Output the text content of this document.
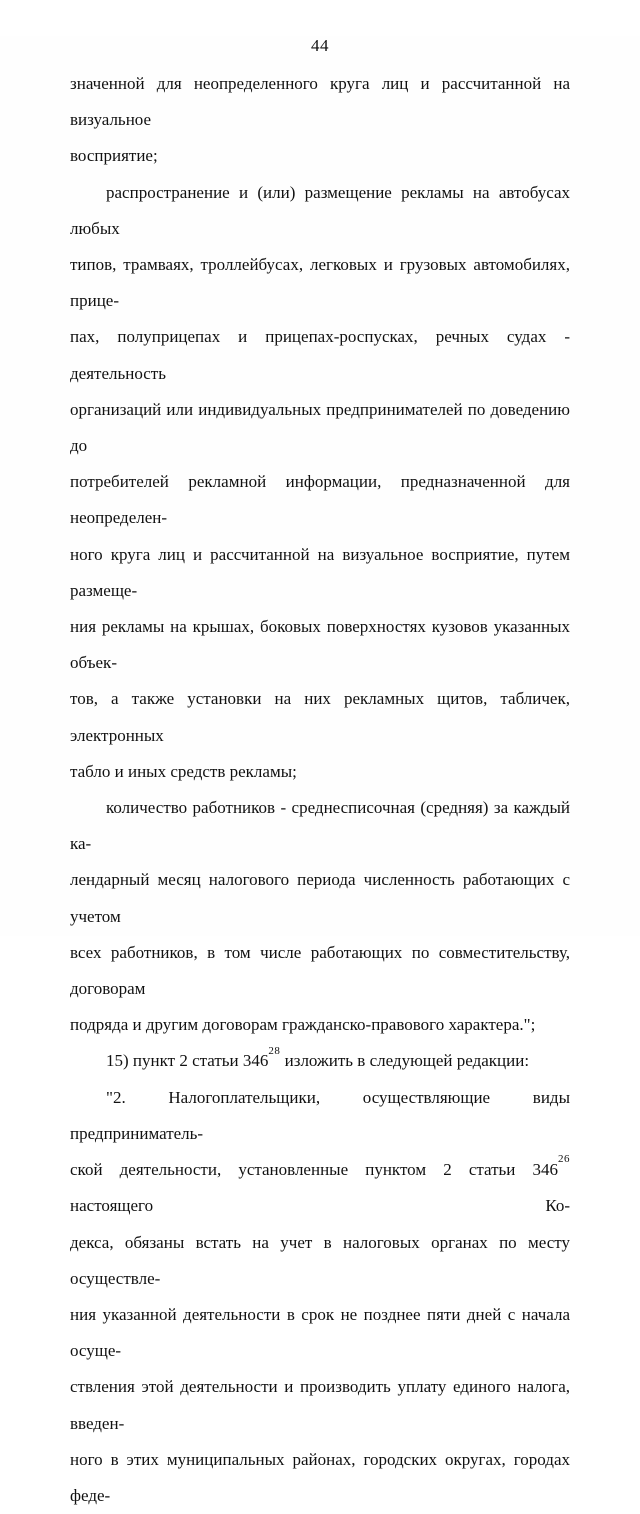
44
значенной для неопределенного круга лиц и рассчитанной на визуальное
восприятие;
распространение и (или) размещение рекламы на автобусах любых
типов, трамваях, троллейбусах, легковых и грузовых автомобилях, прице-
пах, полуприцепах и прицепах-роспусках, речных судах - деятельность
организаций или индивидуальных предпринимателей по доведению до
потребителей рекламной информации, предназначенной для неопределен-
ного круга лиц и рассчитанной на визуальное восприятие, путем размеще-
ния рекламы на крышах, боковых поверхностях кузовов указанных объек-
тов, а также установки на них рекламных щитов, табличек, электронных
табло и иных средств рекламы;
количество работников - среднесписочная (средняя) за каждый ка-
лендарный месяц налогового периода численность работающих с учетом
всех работников, в том числе работающих по совместительству, договорам
подряда и другим договорам гражданско-правового характера.";
15) пункт 2 статьи 346$^{28}$ изложить в следующей редакции:
"2. Налогоплательщики, осуществляющие виды предприниматель-
ской деятельности, установленные пунктом 2 статьи 346$^{26}$ настоящего Ко-
декса, обязаны встать на учет в налоговых органах по месту осуществле-
ния указанной деятельности в срок не позднее пяти дней с начала осуще-
ствления этой деятельности и производить уплату единого налога, введен-
ного в этих муниципальных районах, городских округах, городах феде-
